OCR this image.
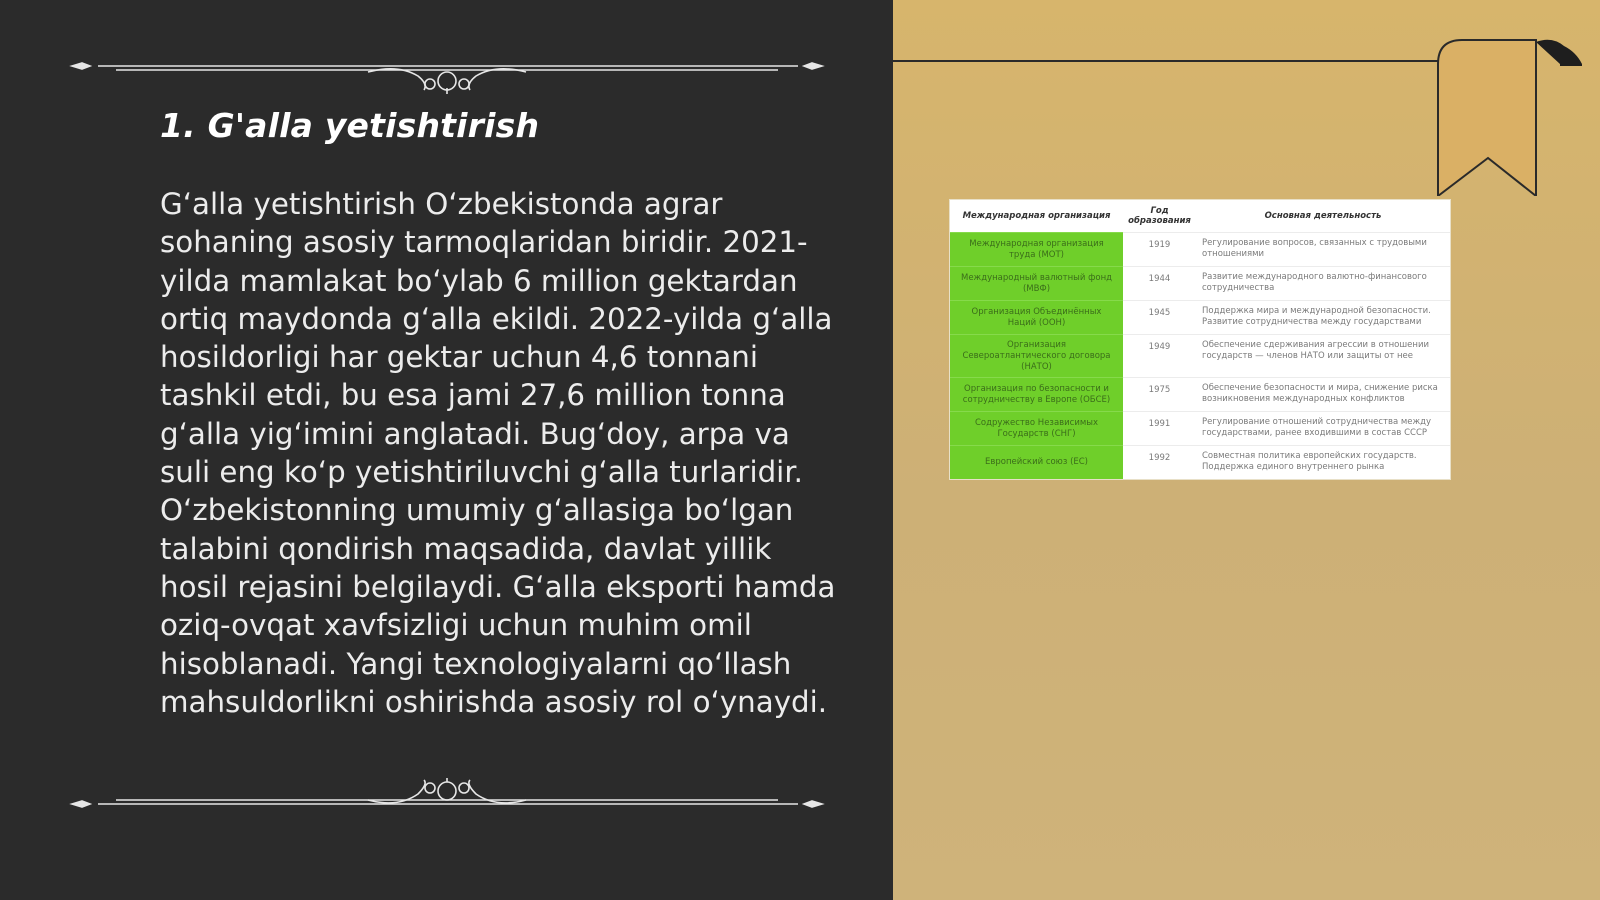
1. G'alla yetishtirish

G‘alla yetishtirish O‘zbekistonda agrar sohaning asosiy tarmoqlaridan biridir. 2021-yilda mamlakat bo‘ylab 6 million gektardan ortiq maydonda g‘alla ekildi. 2022-yilda g‘alla hosildorligi har gektar uchun 4,6 tonnani tashkil etdi, bu esa jami 27,6 million tonna g‘alla yig‘imini anglatadi. Bug‘doy, arpa va suli eng ko‘p yetishtiriluvchi g‘alla turlaridir. O‘zbekistonning umumiy g‘allasiga bo‘lgan talabini qondirish maqsadida, davlat yillik hosil rejasini belgilaydi. G‘alla eksporti hamda oziq-ovqat xavfsizligi uchun muhim omil hisoblanadi. Yangi texnologiyalarni qo‘llash mahsuldorlikni oshirishda asosiy rol o‘ynaydi.

Международная организация	Год образования	Основная деятельность
Международная организация труда (МОТ)	1919	Регулирование вопросов, связанных с трудовыми отношениями
Международный валютный фонд (МВФ)	1944	Развитие международного валютно-финансового сотрудничества
Организация Объединённых Наций (ООН)	1945	Поддержка мира и международной безопасности. Развитие сотрудничества между государствами
Организация Североатлантического договора (НАТО)	1949	Обеспечение сдерживания агрессии в отношении государств — членов НАТО или защиты от нее
Организация по безопасности и сотрудничеству в Европе (ОБСЕ)	1975	Обеспечение безопасности и мира, снижение риска возникновения международных конфликтов
Содружество Независимых Государств (СНГ)	1991	Регулирование отношений сотрудничества между государствами, ранее входившими в состав СССР
Европейский союз (ЕС)	1992	Совместная политика европейских государств. Поддержка единого внутреннего рынка
